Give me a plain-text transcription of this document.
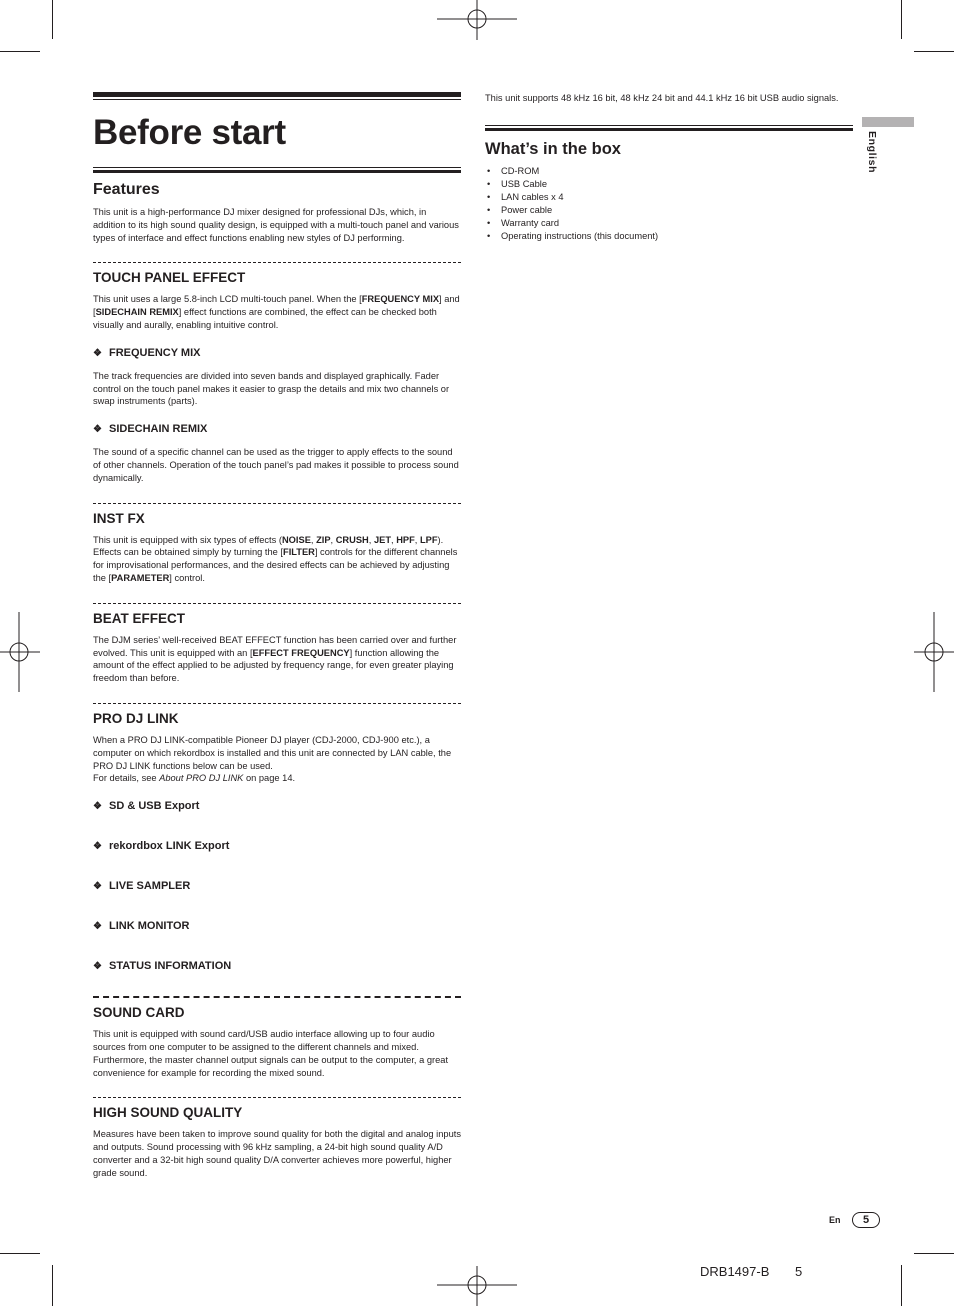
Before start
Features

This unit is a high-performance DJ mixer designed for professional DJs, which, in addition to its high sound quality design, is equipped with a multi-touch panel and various types of interface and effect functions enabling new styles of DJ performing.

TOUCH PANEL EFFECT

This unit uses a large 5.8-inch LCD multi-touch panel. When the [FREQUENCY MIX] and [SIDECHAIN REMIX] effect functions are combined, the effect can be checked both visually and aurally, enabling intuitive control.

❖ FREQUENCY MIX

The track frequencies are divided into seven bands and displayed graphically. Fader control on the touch panel makes it easier to grasp the details and mix two channels or swap instruments (parts).

❖ SIDECHAIN REMIX

The sound of a specific channel can be used as the trigger to apply effects to the sound of other channels. Operation of the touch panel’s pad makes it possible to process sound dynamically.

INST FX

This unit is equipped with six types of effects (NOISE, ZIP, CRUSH, JET, HPF, LPF). Effects can be obtained simply by turning the [FILTER] controls for the different channels for improvisational performances, and the desired effects can be achieved by adjusting the [PARAMETER] control.

BEAT EFFECT

The DJM series’ well-received BEAT EFFECT function has been carried over and further evolved. This unit is equipped with an [EFFECT FREQUENCY] function allowing the amount of the effect applied to be adjusted by frequency range, for even greater playing freedom than before.

PRO DJ LINK

When a PRO DJ LINK-compatible Pioneer DJ player (CDJ-2000, CDJ-900 etc.), a computer on which rekordbox is installed and this unit are connected by LAN cable, the PRO DJ LINK functions below can be used.

For details, see About PRO DJ LINK on page 14.

❖ SD & USB Export
❖ rekordbox LINK Export
❖ LIVE SAMPLER
❖ LINK MONITOR
❖ STATUS INFORMATION
SOUND CARD

This unit is equipped with sound card/USB audio interface allowing up to four audio sources from one computer to be assigned to the different channels and mixed. Furthermore, the master channel output signals can be output to the computer, a great convenience for example for recording the mixed sound.

HIGH SOUND QUALITY

Measures have been taken to improve sound quality for both the digital and analog inputs and outputs. Sound processing with 96 kHz sampling, a 24-bit high sound quality A/D converter and a 32-bit high sound quality D/A converter achieves more powerful, higher grade sound.

This unit supports 48 kHz 16 bit, 48 kHz 24 bit and 44.1 kHz 16 bit USB audio signals.

What’s in the box
• CD-ROM
• USB Cable
• LAN cables x 4
• Power cable
• Warranty card
• Operating instructions (this document)
English
En	5
DRB1497-B 5
